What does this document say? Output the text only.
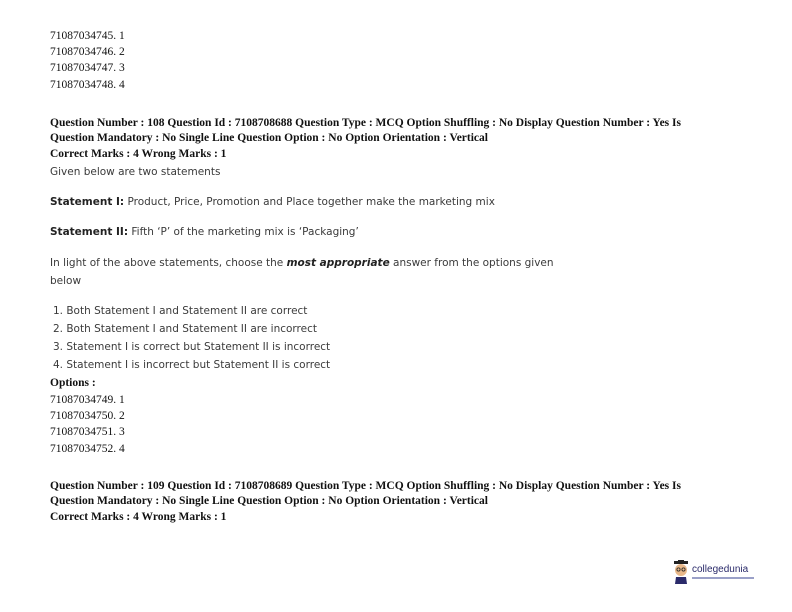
71087034745. 1
71087034746. 2
71087034747. 3
71087034748. 4
Question Number : 108 Question Id : 7108708688 Question Type : MCQ Option Shuffling : No Display Question Number : Yes Is
Question Mandatory : No Single Line Question Option : No Option Orientation : Vertical
Correct Marks : 4 Wrong Marks : 1
Given below are two statements
Statement I: Product, Price, Promotion and Place together make the marketing mix
Statement II: Fifth ‘P’ of the marketing mix is ‘Packaging’
In light of the above statements, choose the most appropriate answer from the options given
below
1. Both Statement I and Statement II are correct
2. Both Statement I and Statement II are incorrect
3. Statement I is correct but Statement II is incorrect
4. Statement I is incorrect but Statement II is correct
Options :
71087034749. 1
71087034750. 2
71087034751. 3
71087034752. 4
Question Number : 109 Question Id : 7108708689 Question Type : MCQ Option Shuffling : No Display Question Number : Yes Is
Question Mandatory : No Single Line Question Option : No Option Orientation : Vertical
Correct Marks : 4 Wrong Marks : 1
collegedunia
